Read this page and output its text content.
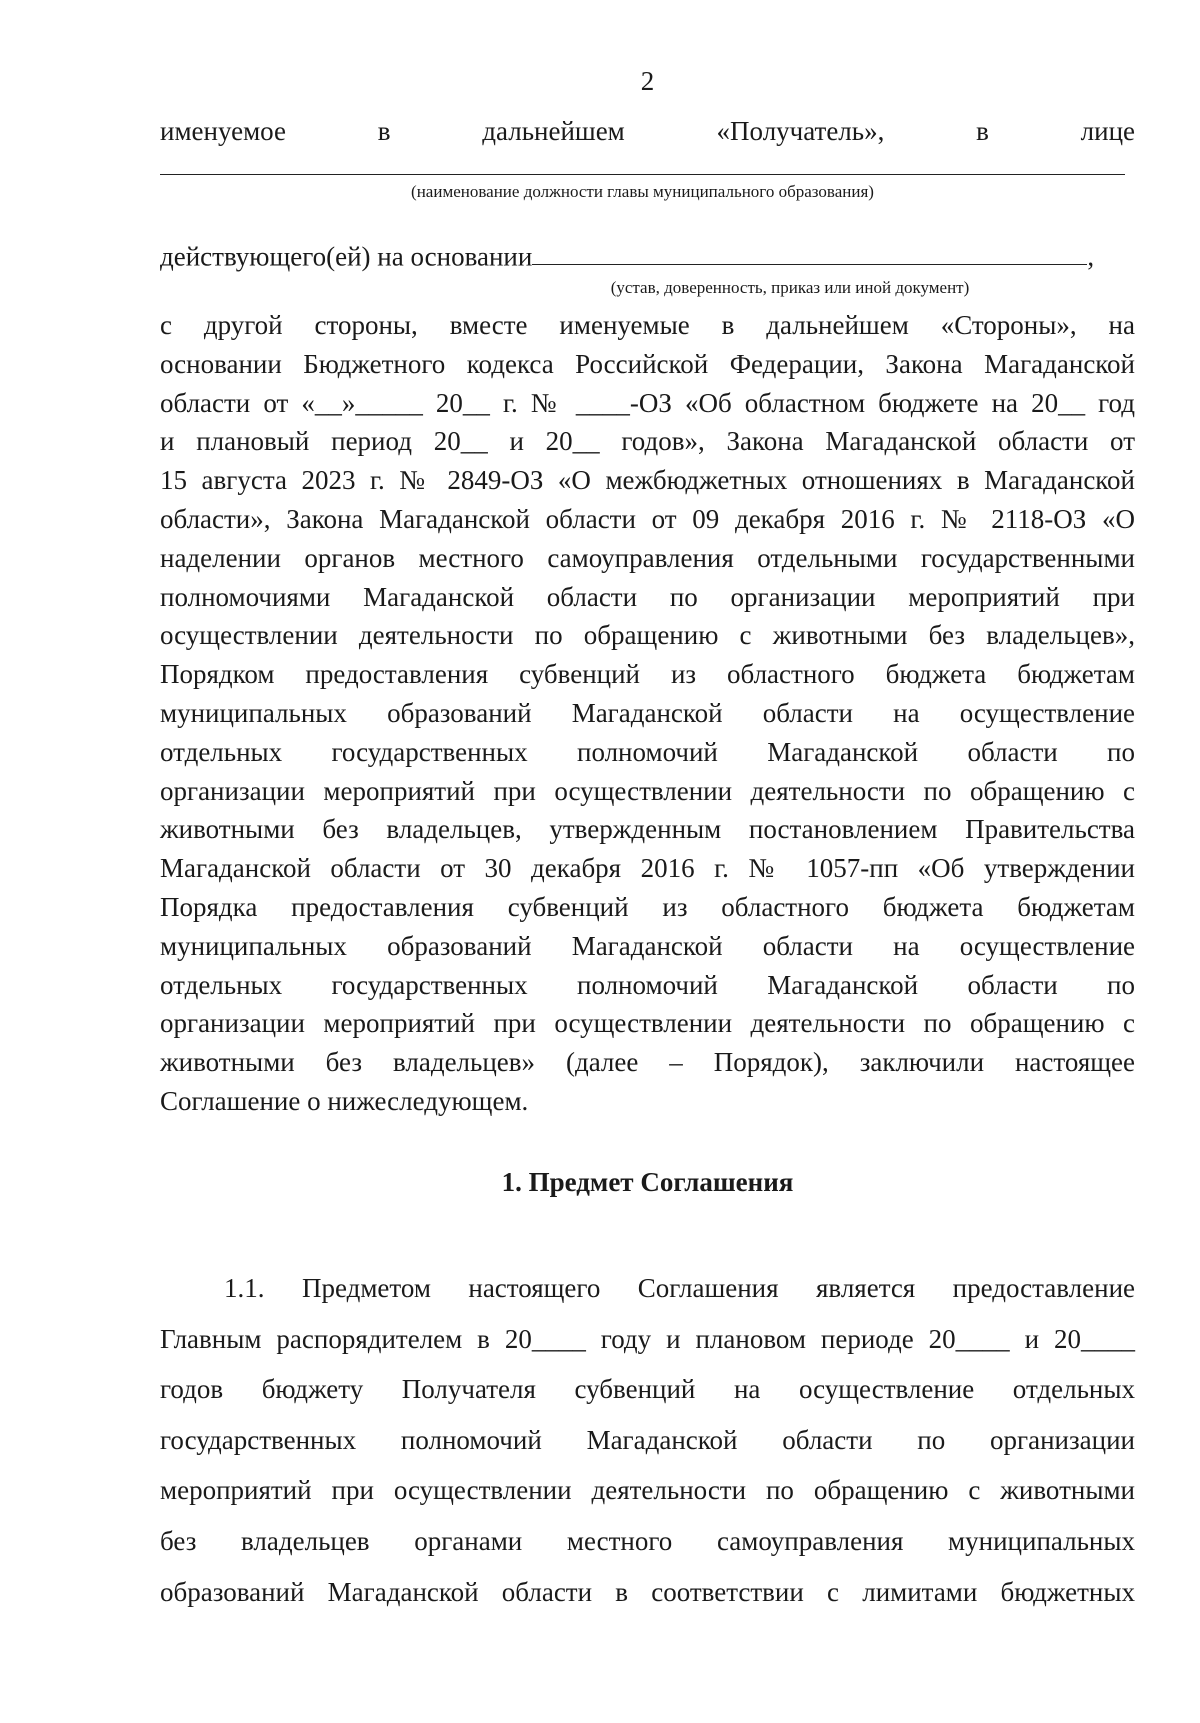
2
именуемое	в	дальнейшем	«Получатель»,	в	лице
(наименование должности главы муниципального образования)
действующего(ей) на основании	,
(устав, доверенность, приказ или иной документ)
с другой стороны, вместе именуемые в дальнейшем «Стороны», на
основании Бюджетного кодекса Российской Федерации, Закона Магаданской
области от «__»_____ 20__ г. № ____-ОЗ «Об областном бюджете на 20__ год
и плановый период 20__ и 20__ годов», Закона Магаданской области от
15 августа 2023 г. № 2849-ОЗ «О межбюджетных отношениях в Магаданской
области», Закона Магаданской области от 09 декабря 2016 г. № 2118-ОЗ «О
наделении органов местного самоуправления отдельными государственными
полномочиями Магаданской области по организации мероприятий при
осуществлении деятельности по обращению с животными без владельцев»,
Порядком предоставления субвенций из областного бюджета бюджетам
муниципальных образований Магаданской области на осуществление
отдельных государственных полномочий Магаданской области по
организации мероприятий при осуществлении деятельности по обращению с
животными без владельцев, утвержденным постановлением Правительства
Магаданской области от 30 декабря 2016 г. № 1057-пп «Об утверждении
Порядка предоставления субвенций из областного бюджета бюджетам
муниципальных образований Магаданской области на осуществление
отдельных государственных полномочий Магаданской области по
организации мероприятий при осуществлении деятельности по обращению с
животными без владельцев» (далее – Порядок), заключили настоящее
Соглашение о нижеследующем.
1. Предмет Соглашения
1.1. Предметом настоящего Соглашения является предоставление
Главным распорядителем в 20____ году и плановом периоде 20____ и 20____
годов бюджету Получателя субвенций на осуществление отдельных
государственных полномочий Магаданской области по организации
мероприятий при осуществлении деятельности по обращению с животными
без владельцев органами местного самоуправления муниципальных
образований Магаданской области в соответствии с лимитами бюджетных
